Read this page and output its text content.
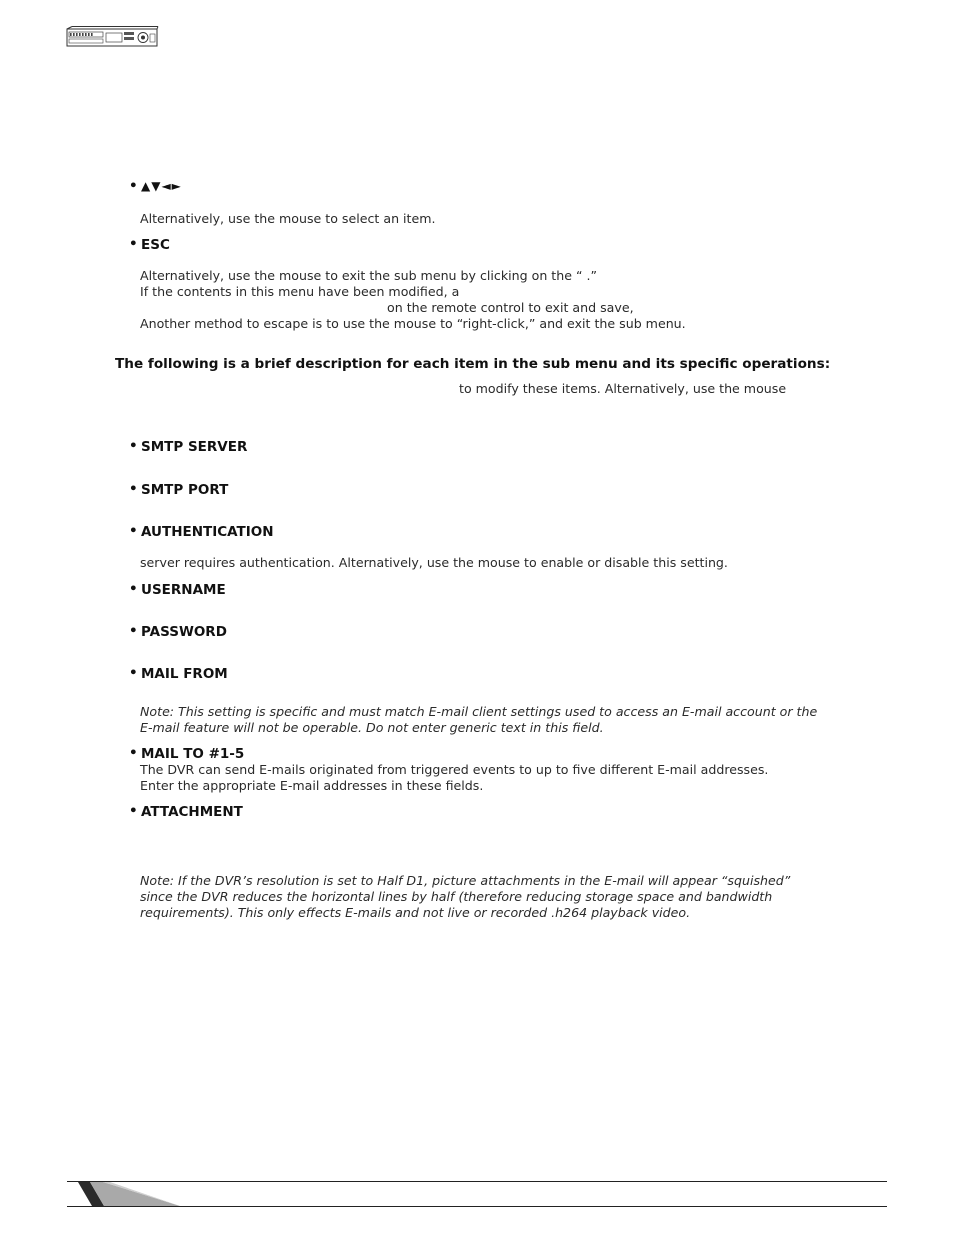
• ▲▼◄►
Alternatively, use the mouse to select an item.
• ESC
Alternatively, use the mouse to exit the sub menu by clicking on the “ .”
If the contents in this menu have been modified, a
on the remote control to exit and save,
Another method to escape is to use the mouse to “right-click,” and exit the sub menu.
The following is a brief description for each item in the sub menu and its specific operations:
to modify these items. Alternatively, use the mouse
• SMTP SERVER
• SMTP PORT
• AUTHENTICATION
server requires authentication. Alternatively, use the mouse to enable or disable this setting.
• USERNAME
• PASSWORD
• MAIL FROM
Note: This setting is specific and must match E-mail client settings used to access an E-mail account or the
E-mail feature will not be operable. Do not enter generic text in this field.
• MAIL TO #1-5
The DVR can send E-mails originated from triggered events to up to five different E-mail addresses.
Enter the appropriate E-mail addresses in these fields.
• ATTACHMENT
Note: If the DVR’s resolution is set to Half D1, picture attachments in the E-mail will appear “squished”
since the DVR reduces the horizontal lines by half (therefore reducing storage space and bandwidth
requirements). This only effects E-mails and not live or recorded .h264 playback video.
